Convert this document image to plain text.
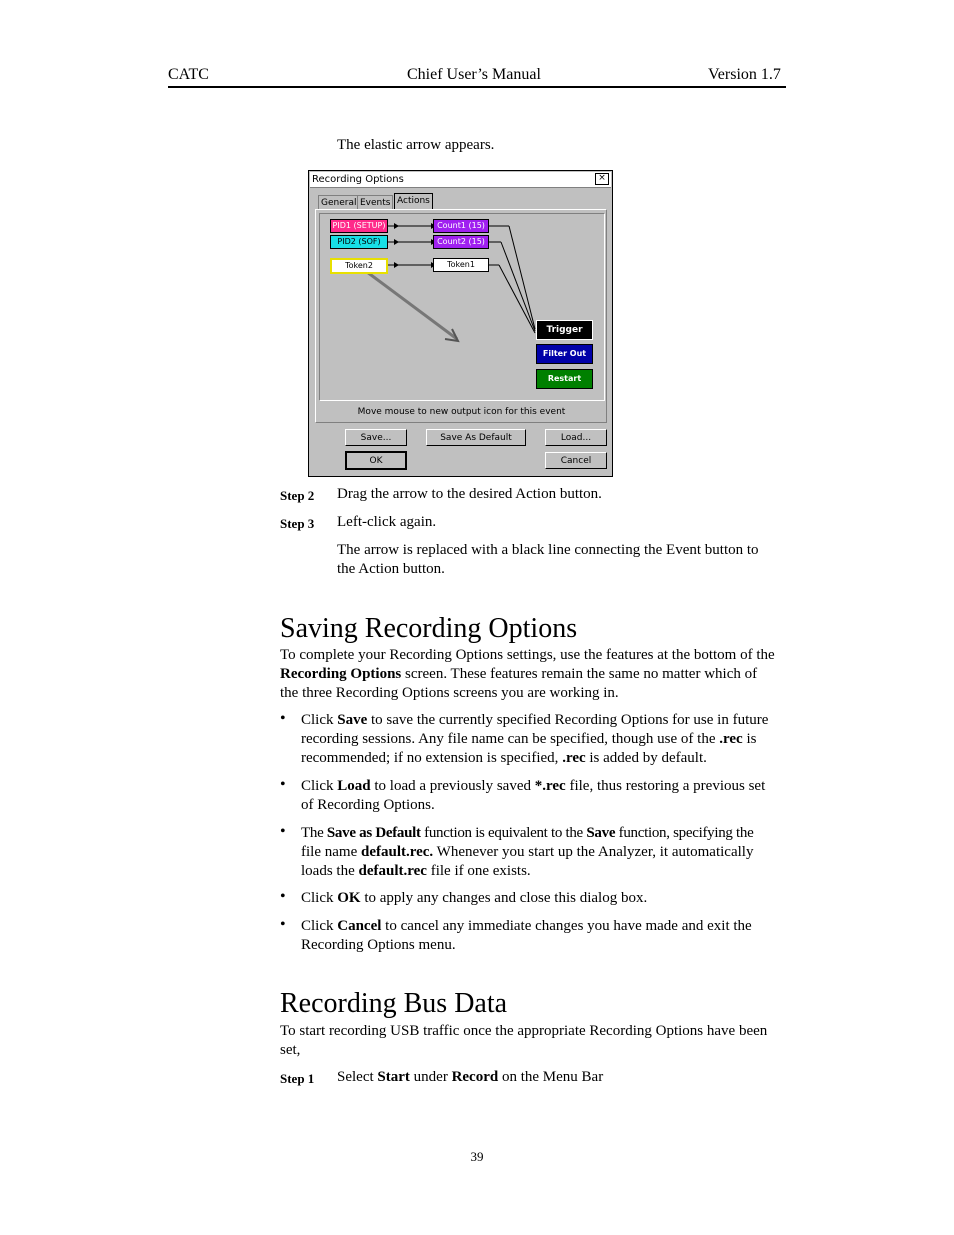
CATC	Chief User’s Manual	Version 1.7
The elastic arrow appears.
Recording Options	×
General Events Actions
PID1 (SETUP)
PID2 (SOF)
Token2
Count1 (15)
Count2 (15)
Token1
Trigger
Filter Out
Restart
Move mouse to new output icon for this event
Save...	Save As Default	Load...
OK	Cancel
Step 2 Drag the arrow to the desired Action button.
Step 3 Left-click again.
The arrow is replaced with a black line connecting the Event button to
the Action button.
Saving Recording Options
To complete your Recording Options settings, use the features at the bottom of the
Recording Options screen. These features remain the same no matter which of
the three Recording Options screens you are working in.
• Click Save to save the currently specified Recording Options for use in future
recording sessions. Any file name can be specified, though use of the .rec is
recommended; if no extension is specified, .rec is added by default.
• Click Load to load a previously saved *.rec file, thus restoring a previous set
of Recording Options.
• The Save as Default function is equivalent to the Save function, specifying the
file name default.rec. Whenever you start up the Analyzer, it automatically
loads the default.rec file if one exists.
• Click OK to apply any changes and close this dialog box.
• Click Cancel to cancel any immediate changes you have made and exit the
Recording Options menu.
Recording Bus Data
To start recording USB traffic once the appropriate Recording Options have been
set,
Step 1 Select Start under Record on the Menu Bar
39
